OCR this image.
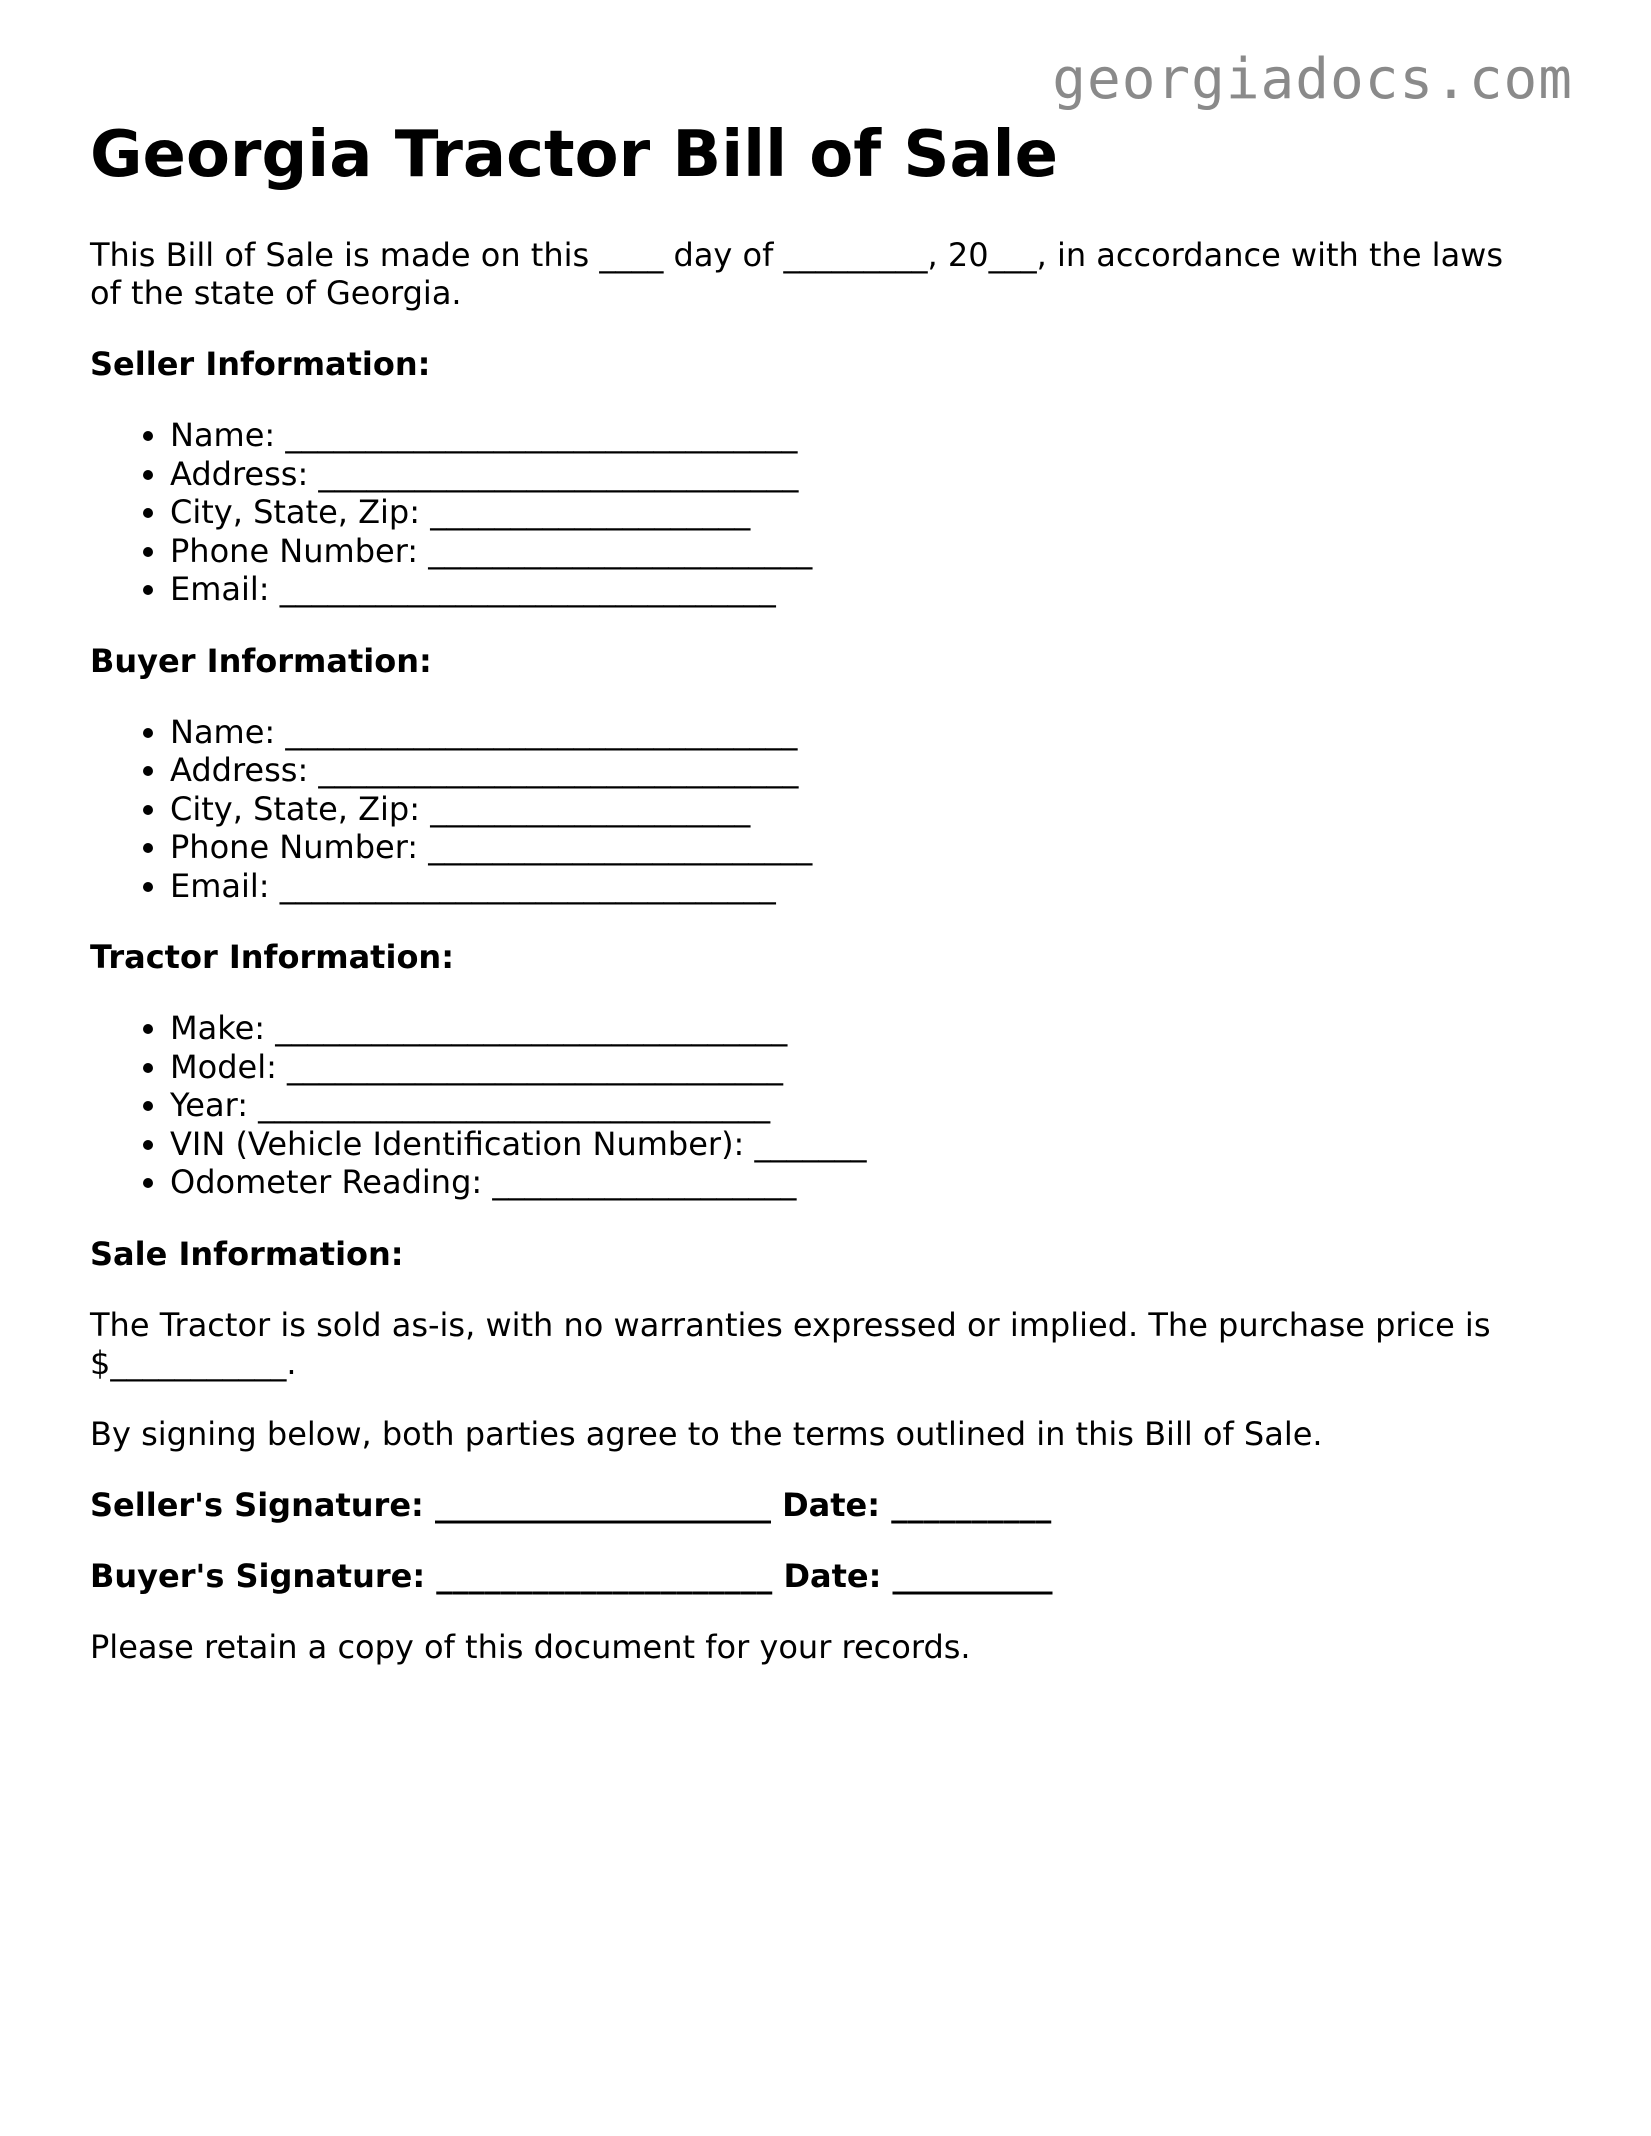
georgiadocs.com
Georgia Tractor Bill of Sale

This Bill of Sale is made on this ____ day of _________, 20___, in accordance with the laws of the state of Georgia.

Seller Information:

• Name: ________________________________
• Address: ______________________________
• City, State, Zip: ____________________
• Phone Number: ________________________
• Email: _______________________________

Buyer Information:

• Name: ________________________________
• Address: ______________________________
• City, State, Zip: ____________________
• Phone Number: ________________________
• Email: _______________________________

Tractor Information:

• Make: ________________________________
• Model: _______________________________
• Year: ________________________________
• VIN (Vehicle Identification Number): _______
• Odometer Reading: ___________________

Sale Information:

The Tractor is sold as-is, with no warranties expressed or implied. The purchase price is $___________.

By signing below, both parties agree to the terms outlined in this Bill of Sale.

Seller's Signature: _____________________ Date: __________

Buyer's Signature: _____________________ Date: __________

Please retain a copy of this document for your records.
